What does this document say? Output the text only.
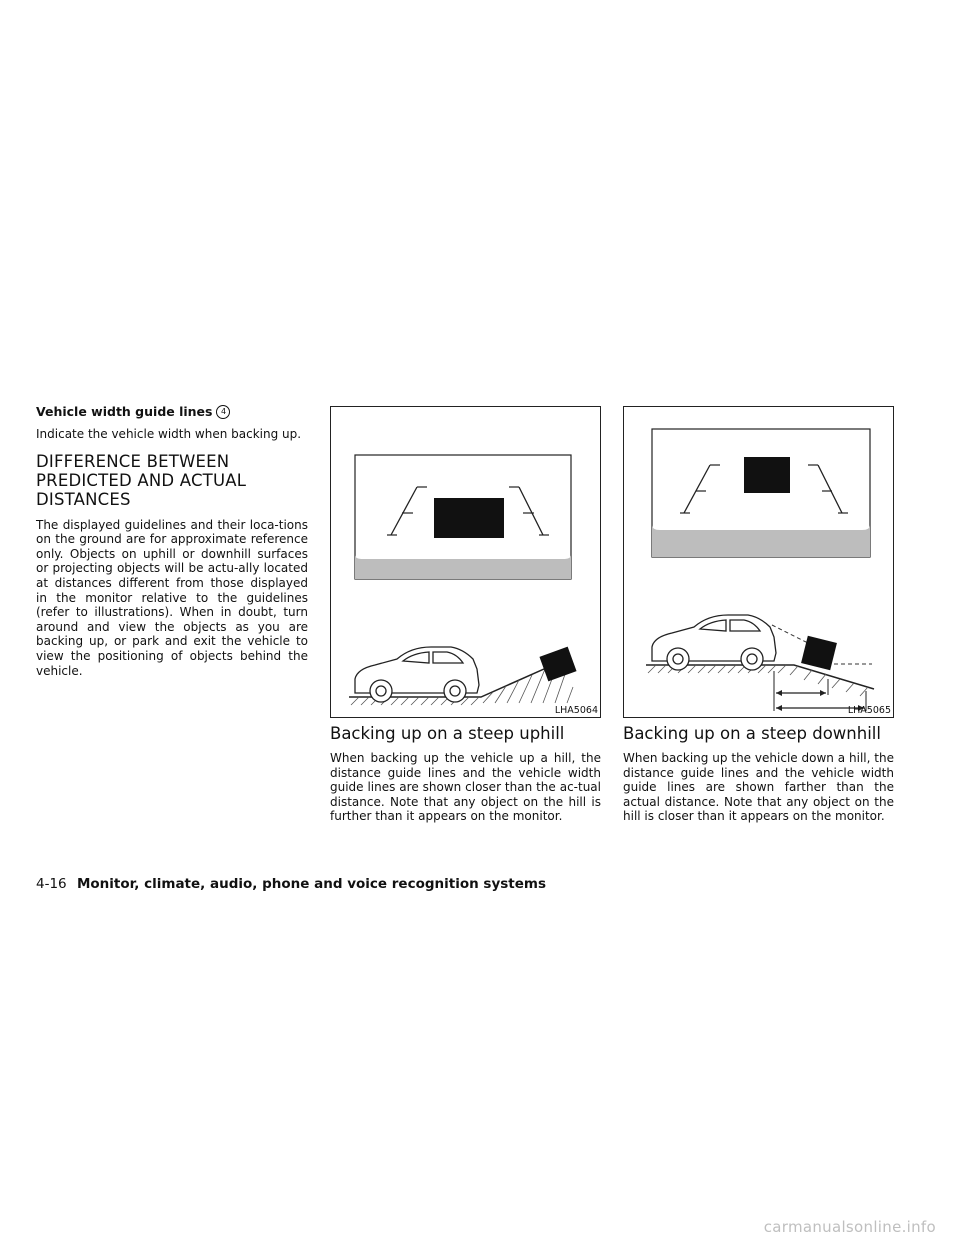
Vehicle width guide lines	4

Indicate the vehicle width when backing up.

DIFFERENCE BETWEEN PREDICTED AND ACTUAL DISTANCES

The displayed guidelines and their loca-tions on the ground are for approximate reference only. Objects on uphill or downhill surfaces or projecting objects will be actu-ally located at distances different from those displayed in the monitor relative to the guidelines (refer to illustrations). When in doubt, turn around and view the objects as you are backing up, or park and exit the vehicle to view the positioning of objects behind the vehicle.

LHA5064	LHA5065
Backing up on a steep uphill

When backing up the vehicle up a hill, the distance guide lines and the vehicle width guide lines are shown closer than the ac-tual distance. Note that any object on the hill is further than it appears on the monitor.

Backing up on a steep downhill

When backing up the vehicle down a hill, the distance guide lines and the vehicle width guide lines are shown farther than the actual distance. Note that any object on the hill is closer than it appears on the monitor.

4-16 Monitor, climate, audio, phone and voice recognition systems
carmanualsonline.info
